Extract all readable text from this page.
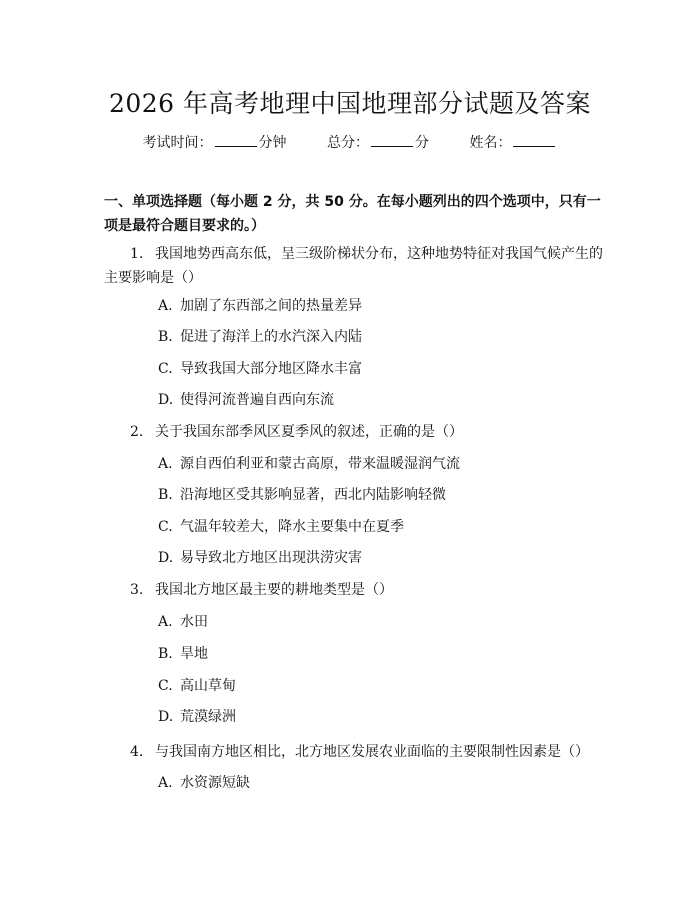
2026 年高考地理中国地理部分试题及答案
考试时间：	分钟	总分：	分	姓名：
一、单项选择题（每小题 2 分，共 50 分。在每小题列出的四个选项中，只有一项是最符合题目要求的。）
1. 我国地势西高东低，呈三级阶梯状分布，这种地势特征对我国气候产生的主要影响是（）
A. 加剧了东西部之间的热量差异
B. 促进了海洋上的水汽深入内陆
C. 导致我国大部分地区降水丰富
D. 使得河流普遍自西向东流
2. 关于我国东部季风区夏季风的叙述，正确的是（）
A. 源自西伯利亚和蒙古高原，带来温暖湿润气流
B. 沿海地区受其影响显著，西北内陆影响轻微
C. 气温年较差大，降水主要集中在夏季
D. 易导致北方地区出现洪涝灾害
3. 我国北方地区最主要的耕地类型是（）
A. 水田
B. 旱地
C. 高山草甸
D. 荒漠绿洲
4. 与我国南方地区相比，北方地区发展农业面临的主要限制性因素是（）
A. 水资源短缺
